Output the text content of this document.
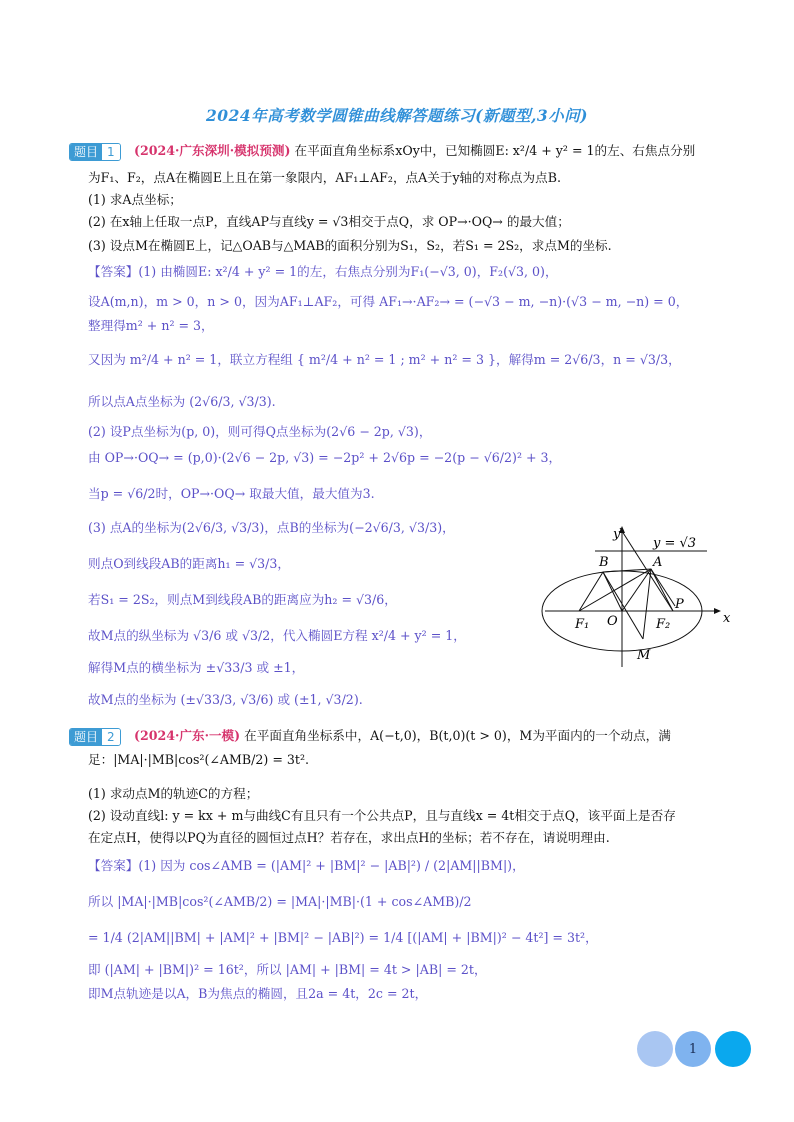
2024年高考数学圆锥曲线解答题练习(新题型,3小问)
题目 1	(2024·广东深圳·模拟预测) 在平面直角坐标系xOy中，已知椭圆E: x²/4 + y² = 1的左、右焦点分别
为F₁、F₂，点A在椭圆E上且在第一象限内，AF₁⊥AF₂，点A关于y轴的对称点为点B.
(1) 求A点坐标；
(2) 在x轴上任取一点P，直线AP与直线y = √3相交于点Q，求 OP→·OQ→ 的最大值；
(3) 设点M在椭圆E上，记△OAB与△MAB的面积分别为S₁，S₂，若S₁ = 2S₂，求点M的坐标.
【答案】(1) 由椭圆E: x²/4 + y² = 1的左，右焦点分别为F₁(−√3, 0)，F₂(√3, 0)，
设A(m,n)，m > 0，n > 0，因为AF₁⊥AF₂，可得 AF₁→·AF₂→ = (−√3 − m, −n)·(√3 − m, −n) = 0，
整理得m² + n² = 3，
又因为 m²/4 + n² = 1，联立方程组 { m²/4 + n² = 1 ; m² + n² = 3 }，解得m = 2√6/3，n = √3/3，
所以点A点坐标为 (2√6/3, √3/3).
(2) 设P点坐标为(p, 0)，则可得Q点坐标为(2√6 − 2p, √3)，
由 OP→·OQ→ = (p,0)·(2√6 − 2p, √3) = −2p² + 2√6p = −2(p − √6/2)² + 3，
当p = √6/2时，OP→·OQ→ 取最大值，最大值为3.
(3) 点A的坐标为(2√6/3, √3/3)，点B的坐标为(−2√6/3, √3/3)，
则点O到线段AB的距离h₁ = √3/3，
若S₁ = 2S₂，则点M到线段AB的距离应为h₂ = √3/6，
故M点的纵坐标为 √3/6 或 √3/2，代入椭圆E方程 x²/4 + y² = 1，
解得M点的横坐标为 ±√33/3 或 ±1，
故M点的坐标为 (±√33/3, √3/6) 或 (±1, √3/2).
y
x
y = √3
B	A
P
F₁ O	F₂
M
题目 2	(2024·广东·一模) 在平面直角坐标系中，A(−t,0)，B(t,0)(t > 0)，M为平面内的一个动点，满
足：|MA|·|MB|cos²(∠AMB/2) = 3t².
(1) 求动点M的轨迹C的方程；
(2) 设动直线l: y = kx + m与曲线C有且只有一个公共点P，且与直线x = 4t相交于点Q，该平面上是否存
在定点H，使得以PQ为直径的圆恒过点H？若存在，求出点H的坐标；若不存在，请说明理由.
【答案】(1) 因为 cos∠AMB = (|AM|² + |BM|² − |AB|²) / (2|AM||BM|)，
所以 |MA|·|MB|cos²(∠AMB/2) = |MA|·|MB|·(1 + cos∠AMB)/2
= 1/4 (2|AM||BM| + |AM|² + |BM|² − |AB|²) = 1/4 [(|AM| + |BM|)² − 4t²] = 3t²，
即 (|AM| + |BM|)² = 16t²，所以 |AM| + |BM| = 4t > |AB| = 2t，
即M点轨迹是以A，B为焦点的椭圆，且2a = 4t，2c = 2t，
1
